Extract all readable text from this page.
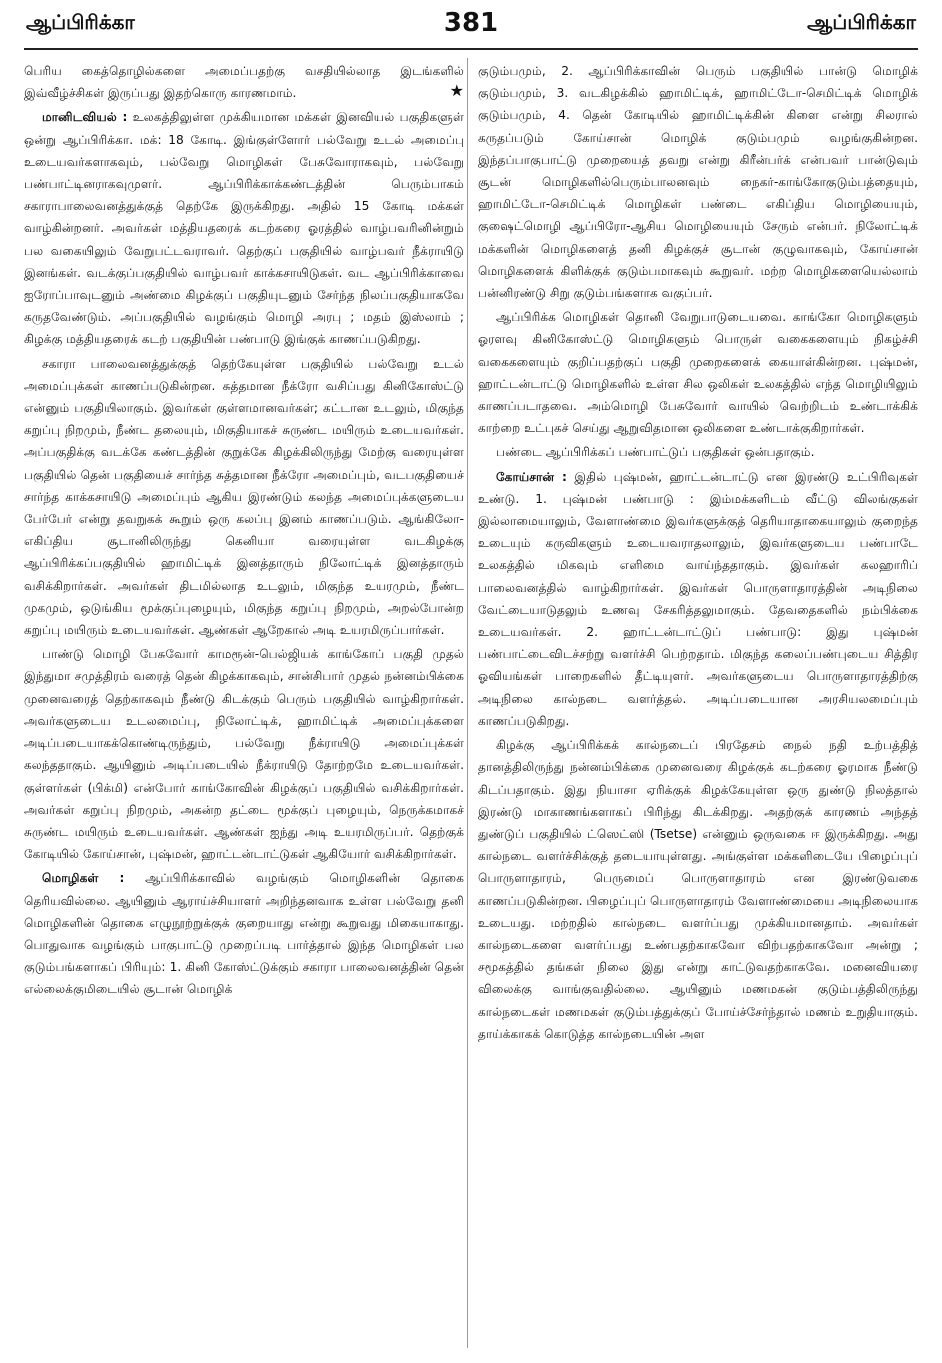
ஆப்பிரிக்கா	381	ஆப்பிரிக்கா

பெரிய கைத்தொழில்களை அமைப்பதற்கு வசதியில்லாத இடங்களில் இவ்வீழ்ச்சிகள் இருப்பது இதற்கொரு காரணமாம்.	★

மானிடவியல் : உலகத்திலுள்ள முக்கியமான மக்கள் இனவியல் பகுதிகளுள் ஒன்று ஆப்பிரிக்கா. மக்: 18 கோடி. இங்குள்ளோர் பல்வேறு உடல் அமைப்பு உடையவர்களாகவும், பல்வேறு மொழிகள் பேசுவோராகவும், பல்வேறு பண்பாட்டினராகவுமுளர். ஆப்பிரிக்காக்கண்டத்தின் பெரும்பாகம் சகாராபாலைவனத்துக்குத் தெற்கே இருக்கிறது. அதில் 15 கோடி மக்கள் வாழ்கின்றனர். அவர்கள் மத்தியதரைக் கடற்கரை ஓரத்தில் வாழ்பவரினின்றும் பல வகையிலும் வேறுபட்டவராவர். தெற்குப் பகுதியில் வாழ்பவர் நீக்ராயிடு இனங்கள். வடக்குப்பகுதியில் வாழ்பவர் காக்கசாயிடுகள். வட ஆப்பிரிக்காவை ஐரோப்பாவுடனும் அண்மை கிழக்குப் பகுதியுடனும் சேர்ந்த நிலப்பகுதியாகவே கருதவேண்டும். அப்பகுதியில் வழங்கும் மொழி அரபு ; மதம் இஸ்லாம் ; கிழக்கு மத்தியதரைக் கடற் பகுதியின் பண்பாடு இங்குக் காணப்படுகிறது.

சகாரா பாலைவனத்துக்குத் தெற்கேயுள்ள பகுதியில் பல்வேறு உடல் அமைப்புக்கள் காணப்படுகின்றன. சுத்தமான நீக்ரோ வசிப்பது கினிகோஸ்ட்டு என்னும் பகுதியிலாகும். இவர்கள் குள்ளமானவர்கள்; கட்டான உடலும், மிகுந்த கறுப்பு நிறமும், நீண்ட தலையும், மிகுதியாகச் சுருண்ட மயிரும் உடையவர்கள். அப்பகுதிக்கு வடக்கே கண்டத்தின் குறுக்கே கிழக்கிலிருந்து மேற்கு வரையுள்ள பகுதியில் தென் பகுதியைச் சார்ந்த சுத்தமான நீக்ரோ அமைப்பும், வடபகுதியைச் சார்ந்த காக்கசாயிடு அமைப்பும் ஆகிய இரண்டும் கலந்த அமைப்புக்களுடைய பேர்பேர் என்று தவறுகக் கூறும் ஒரு கலப்பு இனம் காணப்படும். ஆங்கிலோ-எகிப்திய சூடானிலிருந்து கெனியா வரையுள்ள வடகிழக்கு ஆப்பிரிக்கப்பகுதியில் ஹாமிட்டிக் இனத்தாரும் நிலோட்டிக் இனத்தாரும் வசிக்கிறார்கள். அவர்கள் திடமில்லாத உடலும், மிகுந்த உயரமும், நீண்ட முகமும், ஒடுங்கிய மூக்குப்புழையும், மிகுந்த கறுப்பு நிறமும், அறல்போன்ற கறுப்பு மயிரும் உடையவர்கள். ஆண்கள் ஆறேகால் அடி உயரமிருப்பார்கள்.

பாண்டு மொழி பேசுவோர் காமரூன்-பெல்ஜியக் காங்கோப் பகுதி முதல் இந்துமா சமுத்திரம் வரைத் தென் கிழக்காகவும், சான்சிபார் முதல் நன்னம்பிக்கை முனைவரைத் தெற்காகவும் நீண்டு கிடக்கும் பெரும் பகுதியில் வாழ்கிறார்கள். அவர்களுடைய உடலமைப்பு, நிலோட்டிக், ஹாமிட்டிக் அமைப்புக்களை அடிப்படையாகக்கொண்டிருந்தும், பல்வேறு நீக்ராயிடு அமைப்புக்கள் கலந்ததாகும். ஆயினும் அடிப்படையில் நீக்ராயிடு தோற்றமே உடையவர்கள். குள்ளர்கள் (பிக்மி) என்போர் காங்கோவின் கிழக்குப் பகுதியில் வசிக்கிறார்கள். அவர்கள் கறுப்பு நிறமும், அகன்ற தட்டை மூக்குப் புழையும், நெருக்கமாகச் சுருண்ட மயிரும் உடையவர்கள். ஆண்கள் ஐந்து அடி உயரமிருப்பர். தெற்குக் கோடியில் கோய்சான், புஷ்மன், ஹாட்டன்டாட்டுகள் ஆகியோர் வசிக்கிறார்கள்.

மொழிகள் : ஆப்பிரிக்காவில் வழங்கும் மொழிகளின் தொகை தெரியவில்லை. ஆயினும் ஆராய்ச்சியாளர் அறிந்தனவாக உள்ள பல்வேறு தனி மொழிகளின் தொகை எழுநூற்றுக்குக் குறையாது என்று கூறுவது மிகையாகாது. பொதுவாக வழங்கும் பாகுபாட்டு முறைப்படி பார்த்தால் இந்த மொழிகள் பல குடும்பங்களாகப் பிரியும்: 1. கினி கோஸ்ட்டுக்கும் சகாரா பாலைவனத்தின் தென் எல்லைக்குமிடையில் சூடான் மொழிக்

குடும்பமும், 2. ஆப்பிரிக்காவின் பெரும் பகுதியில் பான்டு மொழிக் குடும்பமும், 3. வடகிழக்கில் ஹாமிட்டிக், ஹாமிட்டோ-செமிட்டிக் மொழிக் குடும்பமும், 4. தென் கோடியில் ஹாமிட்டிக்கின் கிளை என்று சிலரால் கருதப்படும் கோய்சான் மொழிக் குடும்பமும் வழங்குகின்றன. இந்தப்பாகுபாட்டு முறையைத் தவறு என்று கிரீன்பர்க் என்பவர் பான்டுவும் சூடன் மொழிகளில்பெரும்பாலனவும் நைகர்-காங்கோகுடும்பத்தையும், ஹாமிட்டோ-செமிட்டிக் மொழிகள் பண்டை எகிப்திய மொழியையும், குஷைட்மொழி ஆப்பிரோ-ஆசிய மொழியையும் சேரும் என்பர். நிலோட்டிக் மக்களின் மொழிகளைத் தனி கிழக்குச் சூடான் குழுவாகவும், கோய்சான் மொழிகளைக் கிளிக்குக் குடும்பமாகவும் கூறுவர். மற்ற மொழிகளையெல்லாம் பன்னிரண்டு சிறு குடும்பங்களாக வகுப்பர்.

ஆப்பிரிக்க மொழிகள் தொனி வேறுபாடுடையவை. காங்கோ மொழிகளும் ஓரளவு கினிகோஸ்ட்டு மொழிகளும் பொருள் வகைகளையும் நிகழ்ச்சி வகைகளையும் குறிப்பதற்குப் பகுதி முறைகளைக் கையாள்கின்றன. புஷ்மன், ஹாட்டன்டாட்டு மொழிகளில் உள்ள சில ஒலிகள் உலகத்தில் எந்த மொழியிலும் காணப்படாதவை. அம்மொழி பேசுவோர் வாயில் வெற்றிடம் உண்டாக்கிக் காற்றை உட்புகச் செய்து ஆறுவிதமான ஒலிகளை உண்டாக்குகிறார்கள்.

பண்டை ஆப்பிரிக்கப் பண்பாட்டுப் பகுதிகள் ஒன்பதாகும்.

கோய்சான் : இதில் புஷ்மன், ஹாட்டன்டாட்டு என இரண்டு உட்பிரிவுகள் உண்டு. 1. புஷ்மன் பண்பாடு : இம்மக்களிடம் வீட்டு விலங்குகள் இல்லாமையாலும், வேளாண்மை இவர்களுக்குத் தெரியாதாகையாலும் குறைந்த உடையும் கருவிகளும் உடையவராதலாலும், இவர்களுடைய பண்பாடே உலகத்தில் மிகவும் எளிமை வாய்ந்ததாகும். இவர்கள் கலஹாரிப் பாலைவனத்தில் வாழ்கிறார்கள். இவர்கள் பொருளாதாரத்தின் அடிநிலை வேட்டையாடுதலும் உணவு சேகரித்தலுமாகும். தேவதைகளில் நம்பிக்கை உடையவர்கள். 2. ஹாட்டன்டாட்டுப் பண்பாடு: இது புஷ்மன் பண்பாட்டைவிடச்சற்று வளர்ச்சி பெற்றதாம். மிகுந்த கலைப்பண்புடைய சித்திர ஓவியங்கள் பாறைகளில் தீட்டியுளர். அவர்களுடைய பொருளாதாரத்திற்கு அடிநிலை கால்நடை வளர்த்தல். அடிப்படையான அரசியலமைப்பும் காணப்படுகிறது.

கிழக்கு ஆப்பிரிக்கக் கால்நடைப் பிரதேசம் நைல் நதி உற்பத்தித் தானத்திலிருந்து நன்னம்பிக்கை முனைவரை கிழக்குக் கடற்கரை ஓரமாக நீண்டு கிடப்பதாகும். இது நியாசா ஏரிக்குக் கிழக்கேயுள்ள ஒரு துண்டு நிலத்தால் இரண்டு மாகாணங்களாகப் பிரிந்து கிடக்கிறது. அதற்குக் காரணம் அந்தத் துண்டுப் பகுதியில் ட்ஸெட்ஸி (Tsetse) என்னும் ஒருவகை ஈ இருக்கிறது. அது கால்நடை வளர்ச்சிக்குத் தடையாயுள்ளது. அங்குள்ள மக்களிடையே பிழைப்புப் பொருளாதாரம், பெருமைப் பொருளாதாரம் என இரண்டுவகை காணப்படுகின்றன. பிழைப்புப் பொருளாதாரம் வேளாண்மையை அடிநிலையாக உடையது. மற்றதில் கால்நடை வளர்ப்பது முக்கியமானதாம். அவர்கள் கால்நடைகளை வளர்ப்பது உண்பதற்காகவோ விற்பதற்காகவோ அன்று ; சமூகத்தில் தங்கள் நிலை இது என்று காட்டுவதற்காகவே. மனைவியரை விலைக்கு வாங்குவதில்லை. ஆயினும் மணமகன் குடும்பத்திலிருந்து கால்நடைகள் மணமகள் குடும்பத்துக்குப் போய்ச்சேர்ந்தால் மணம் உறுதியாகும். தாய்க்காகக் கொடுத்த கால்நடையின் அள
